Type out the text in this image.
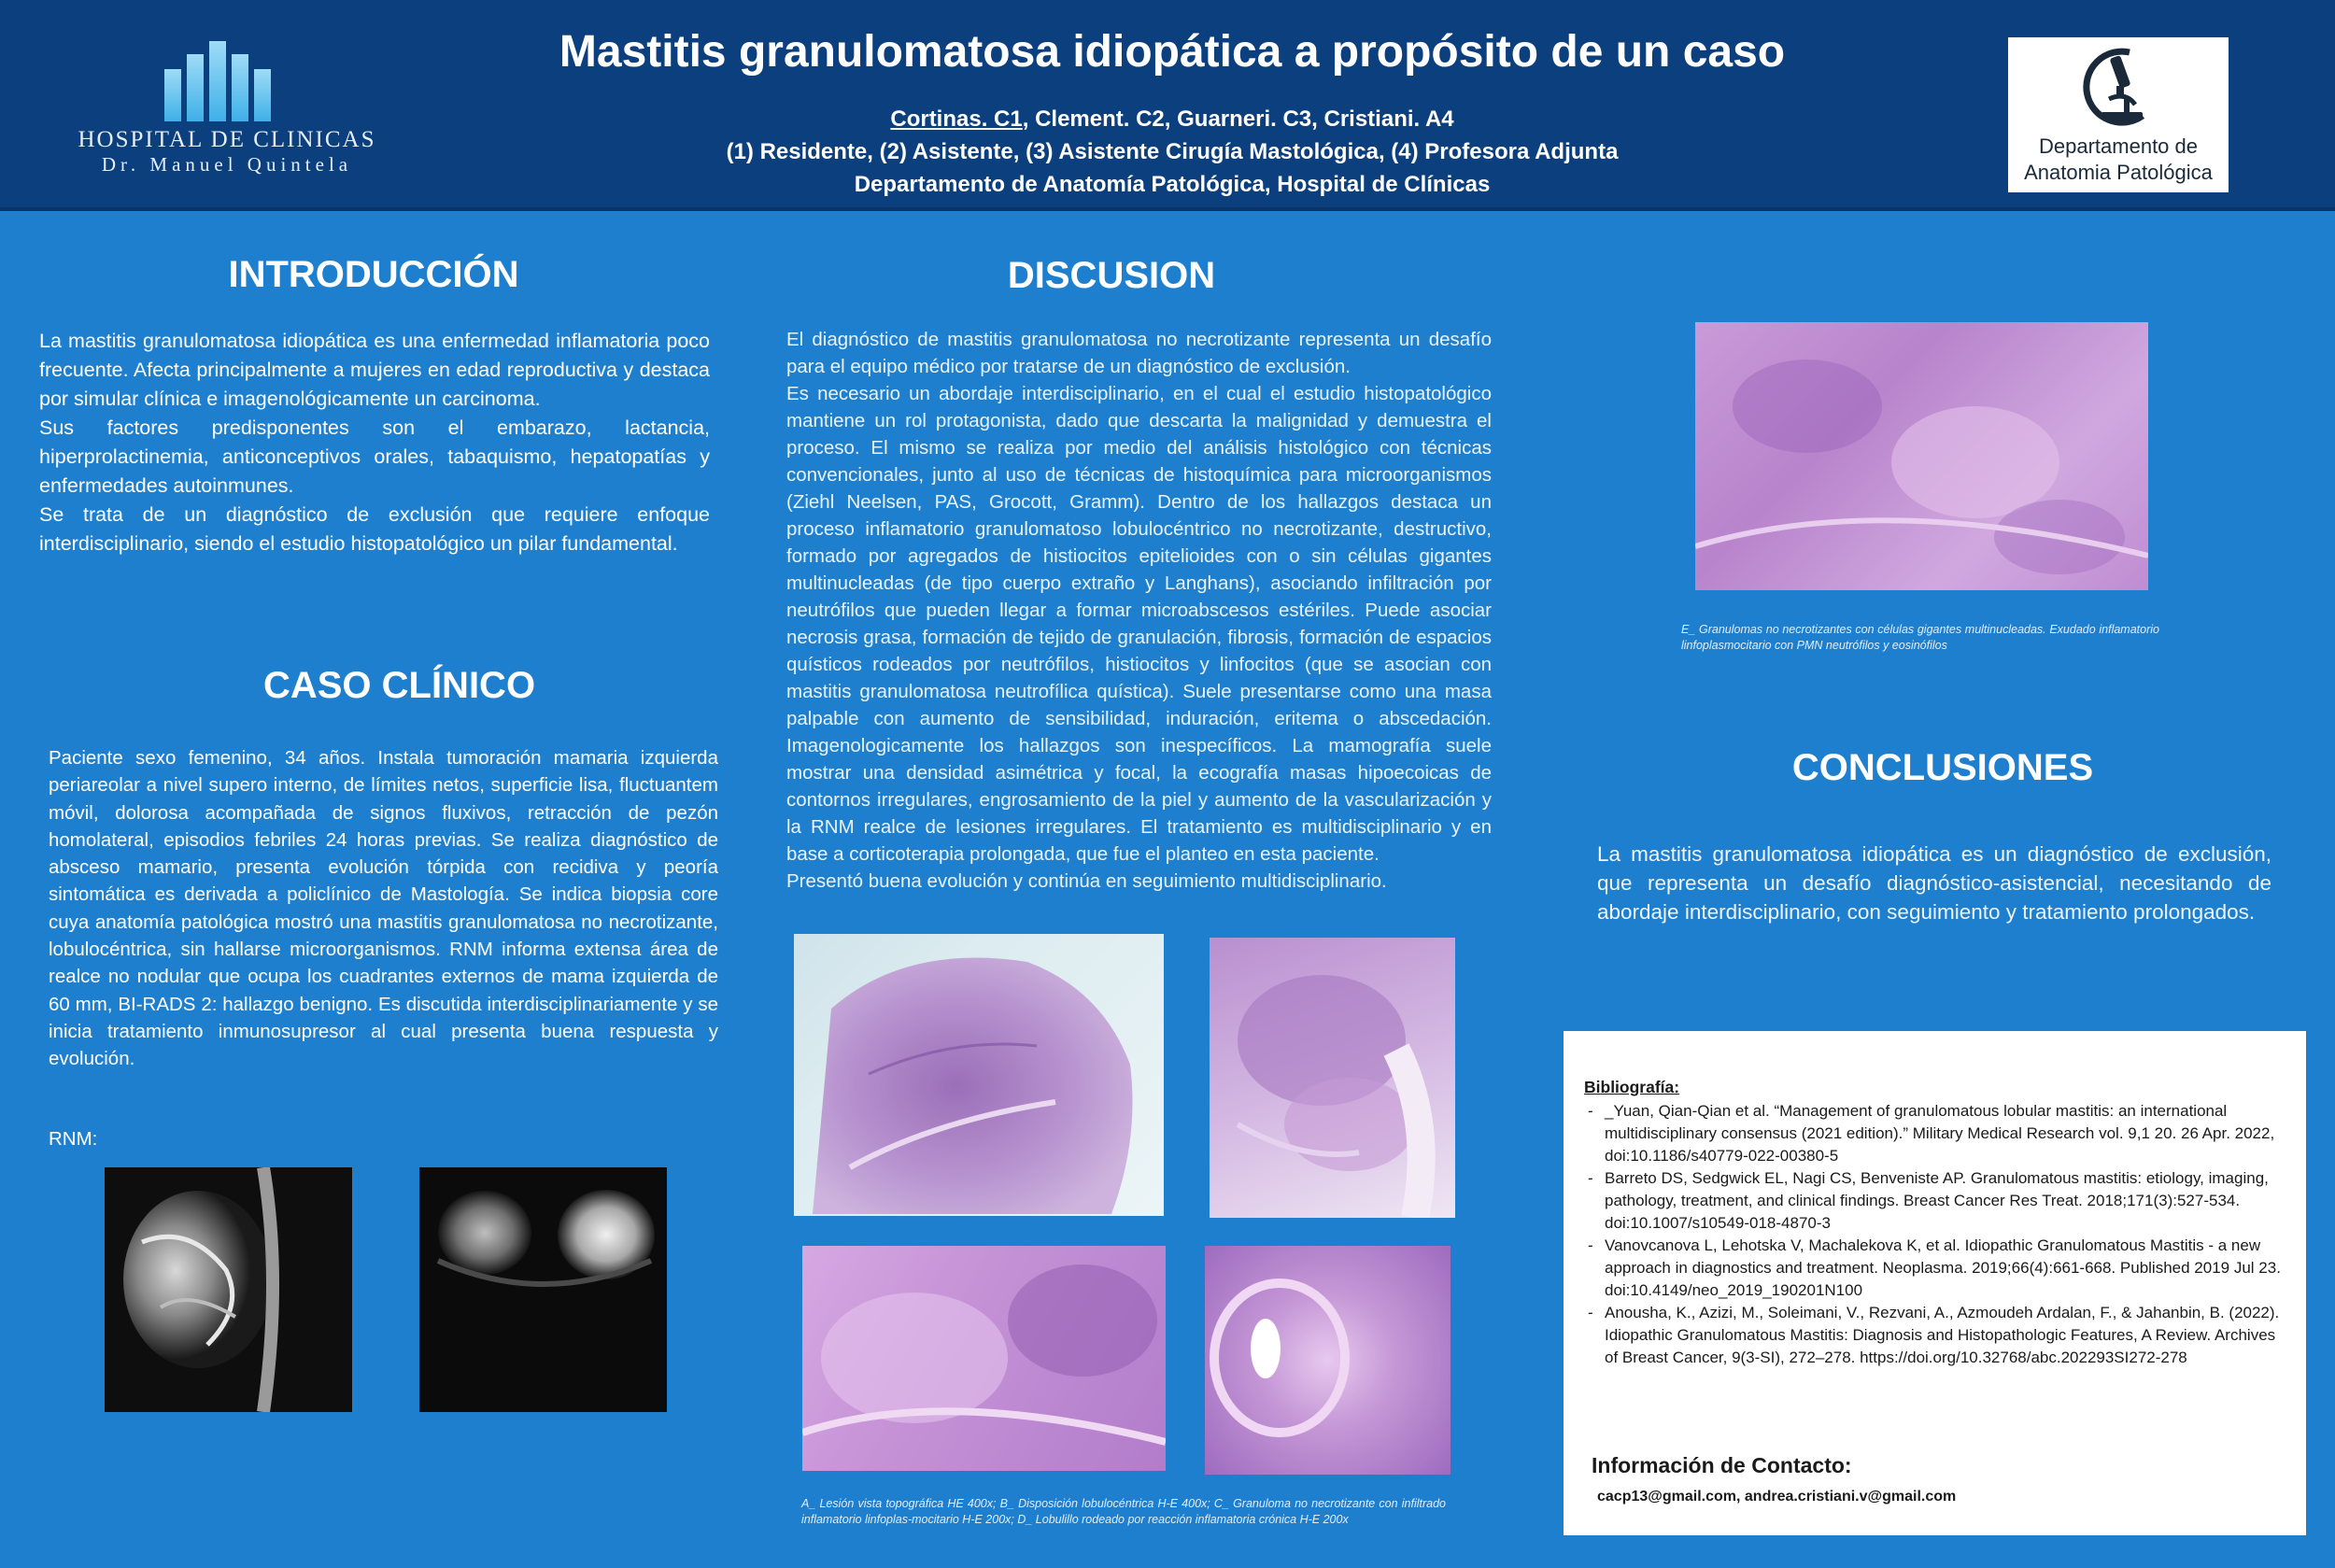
HOSPITAL DE CLINICAS
Dr. Manuel Quintela
Mastitis granulomatosa idiopática a propósito de un caso
Cortinas. C1, Clement. C2, Guarneri. C3, Cristiani. A4
(1) Residente, (2) Asistente, (3) Asistente Cirugía Mastológica, (4) Profesora Adjunta
Departamento de Anatomía Patológica, Hospital de Clínicas
Departamento de
Anatomia Patológica
INTRODUCCIÓN

La mastitis granulomatosa idiopática es una enfermedad inflamatoria poco frecuente. Afecta principalmente a mujeres en edad reproductiva y destaca por simular clínica e imagenológicamente un carcinoma.

Sus factores predisponentes son el embarazo, lactancia, hiperprolactinemia, anticonceptivos orales, tabaquismo, hepatopatías y enfermedades autoinmunes.

Se trata de un diagnóstico de exclusión que requiere enfoque interdisciplinario, siendo el estudio histopatológico un pilar fundamental.

CASO CLÍNICO
Paciente sexo femenino, 34 años. Instala tumoración mamaria izquierda periareolar a nivel supero interno, de límites netos, superficie lisa, fluctuantem móvil, dolorosa acompañada de signos fluxivos, retracción de pezón homolateral, episodios febriles 24 horas previas. Se realiza diagnóstico de absceso mamario, presenta evolución tórpida con recidiva y peoría sintomática es derivada a policlínico de Mastología. Se indica biopsia core cuya anatomía patológica mostró una mastitis granulomatosa no necrotizante, lobulocéntrica, sin hallarse microorganismos. RNM informa extensa área de realce no nodular que ocupa los cuadrantes externos de mama izquierda de 60 mm, BI-RADS 2: hallazgo benigno. Es discutida interdisciplinariamente y se inicia tratamiento inmunosupresor al cual presenta buena respuesta y evolución.
RNM:
DISCUSION

El diagnóstico de mastitis granulomatosa no necrotizante representa un desafío para el equipo médico por tratarse de un diagnóstico de exclusión.

Es necesario un abordaje interdisciplinario, en el cual el estudio histopatológico mantiene un rol protagonista, dado que descarta la malignidad y demuestra el proceso. El mismo se realiza por medio del análisis histológico con técnicas convencionales, junto al uso de técnicas de histoquímica para microorganismos (Ziehl Neelsen, PAS, Grocott, Gramm). Dentro de los hallazgos destaca un proceso inflamatorio granulomatoso lobulocéntrico no necrotizante, destructivo, formado por agregados de histiocitos epitelioides con o sin células gigantes multinucleadas (de tipo cuerpo extraño y Langhans), asociando infiltración por neutrófilos que pueden llegar a formar microabscesos estériles. Puede asociar necrosis grasa, formación de tejido de granulación, fibrosis, formación de espacios quísticos rodeados por neutrófilos, histiocitos y linfocitos (que se asocian con mastitis granulomatosa neutrofílica quística). Suele presentarse como una masa palpable con aumento de sensibilidad, induración, eritema o abscedación. Imagenologicamente los hallazgos son inespecíficos. La mamografía suele mostrar una densidad asimétrica y focal, la ecografía masas hipoecoicas de contornos irregulares, engrosamiento de la piel y aumento de la vascularización y la RNM realce de lesiones irregulares. El tratamiento es multidisciplinario y en base a corticoterapia prolongada, que fue el planteo en esta paciente.

Presentó buena evolución y continúa en seguimiento multidisciplinario.

A_ Lesión vista topográfica HE 400x; B_ Disposición lobulocéntrica H-E 400x; C_ Granuloma no necrotizante con infiltrado inflamatorio linfoplas-mocitario H-E 200x; D_ Lobulillo rodeado por reacción inflamatoria crónica H-E 200x
E_ Granulomas no necrotizantes con células gigantes multinucleadas. Exudado inflamatorio linfoplasmocitario con PMN neutrófilos y eosinófilos
CONCLUSIONES
La mastitis granulomatosa idiopática es un diagnóstico de exclusión, que representa un desafío diagnóstico-asistencial, necesitando de abordaje interdisciplinario, con seguimiento y tratamiento prolongados.
Bibliografía:
- _Yuan, Qian-Qian et al. “Management of granulomatous lobular mastitis: an international multidisciplinary consensus (2021 edition).” Military Medical Research vol. 9,1 20. 26 Apr. 2022, doi:10.1186/s40779-022-00380-5
- Barreto DS, Sedgwick EL, Nagi CS, Benveniste AP. Granulomatous mastitis: etiology, imaging, pathology, treatment, and clinical findings. Breast Cancer Res Treat. 2018;171(3):527-534. doi:10.1007/s10549-018-4870-3
- Vanovcanova L, Lehotska V, Machalekova K, et al. Idiopathic Granulomatous Mastitis - a new approach in diagnostics and treatment. Neoplasma. 2019;66(4):661-668. Published 2019 Jul 23. doi:10.4149/neo_2019_190201N100
- Anousha, K., Azizi, M., Soleimani, V., Rezvani, A., Azmoudeh Ardalan, F., & Jahanbin, B. (2022). Idiopathic Granulomatous Mastitis: Diagnosis and Histopathologic Features, A Review. Archives of Breast Cancer, 9(3-SI), 272–278. https://doi.org/10.32768/abc.202293SI272-278
Información de Contacto:
cacp13@gmail.com, andrea.cristiani.v@gmail.com
